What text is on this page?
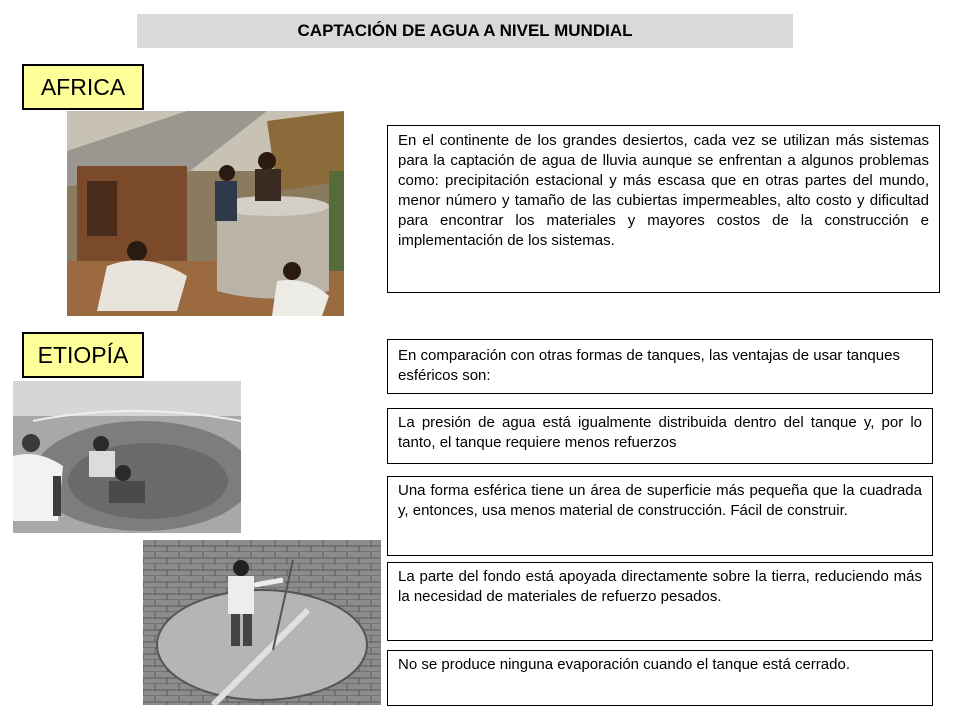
CAPTACIÓN DE AGUA A NIVEL MUNDIAL
AFRICA
En el continente de los grandes desiertos, cada vez se utilizan más sistemas para la captación de agua de lluvia aunque se enfrentan a algunos problemas como: precipitación estacional y más escasa que en otras partes del mundo, menor número y tamaño de las cubiertas impermeables, alto costo y dificultad para encontrar los materiales y mayores costos de la construcción e implementación de los sistemas.
ETIOPÍA	En comparación con otras formas de tanques, las ventajas de usar tanques esféricos son:
La presión de agua está igualmente distribuida dentro del tanque y, por lo tanto, el tanque requiere menos refuerzos
Una forma esférica tiene un área de superficie más pequeña que la cuadrada y, entonces, usa menos material de construcción. Fácil de construir.
La parte del fondo está apoyada directamente sobre la tierra, reduciendo más la necesidad de materiales de refuerzo pesados.
No se produce ninguna evaporación cuando el tanque está cerrado.
